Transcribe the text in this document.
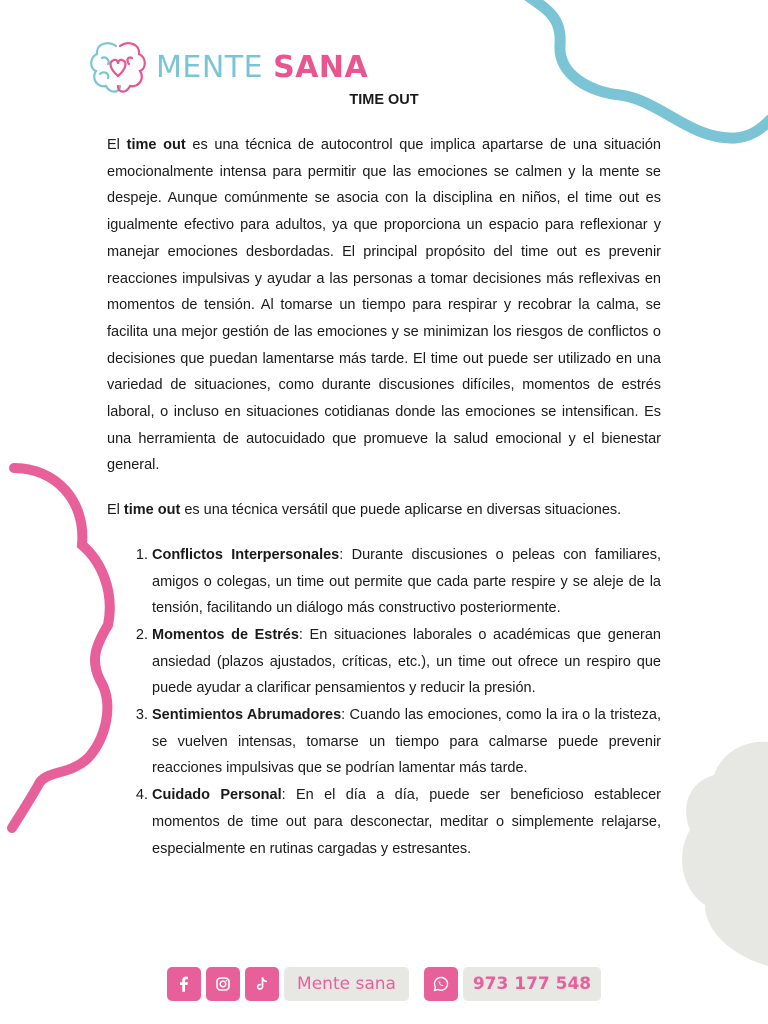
MENTE SANA
TIME OUT

El time out es una técnica de autocontrol que implica apartarse de una situación emocionalmente intensa para permitir que las emociones se calmen y la mente se despeje. Aunque comúnmente se asocia con la disciplina en niños, el time out es igualmente efectivo para adultos, ya que proporciona un espacio para reflexionar y manejar emociones desbordadas. El principal propósito del time out es prevenir reacciones impulsivas y ayudar a las personas a tomar decisiones más reflexivas en momentos de tensión. Al tomarse un tiempo para respirar y recobrar la calma, se facilita una mejor gestión de las emociones y se minimizan los riesgos de conflictos o decisiones que puedan lamentarse más tarde. El time out puede ser utilizado en una variedad de situaciones, como durante discusiones difíciles, momentos de estrés laboral, o incluso en situaciones cotidianas donde las emociones se intensifican. Es una herramienta de autocuidado que promueve la salud emocional y el bienestar general.

El time out es una técnica versátil que puede aplicarse en diversas situaciones.

1. Conflictos Interpersonales: Durante discusiones o peleas con familiares, amigos o colegas, un time out permite que cada parte respire y se aleje de la tensión, facilitando un diálogo más constructivo posteriormente.
2. Momentos de Estrés: En situaciones laborales o académicas que generan ansiedad (plazos ajustados, críticas, etc.), un time out ofrece un respiro que puede ayudar a clarificar pensamientos y reducir la presión.
3. Sentimientos Abrumadores: Cuando las emociones, como la ira o la tristeza, se vuelven intensas, tomarse un tiempo para calmarse puede prevenir reacciones impulsivas que se podrían lamentar más tarde.
4. Cuidado Personal: En el día a día, puede ser beneficioso establecer momentos de time out para desconectar, meditar o simplemente relajarse, especialmente en rutinas cargadas y estresantes.
Mente sana	973 177 548
